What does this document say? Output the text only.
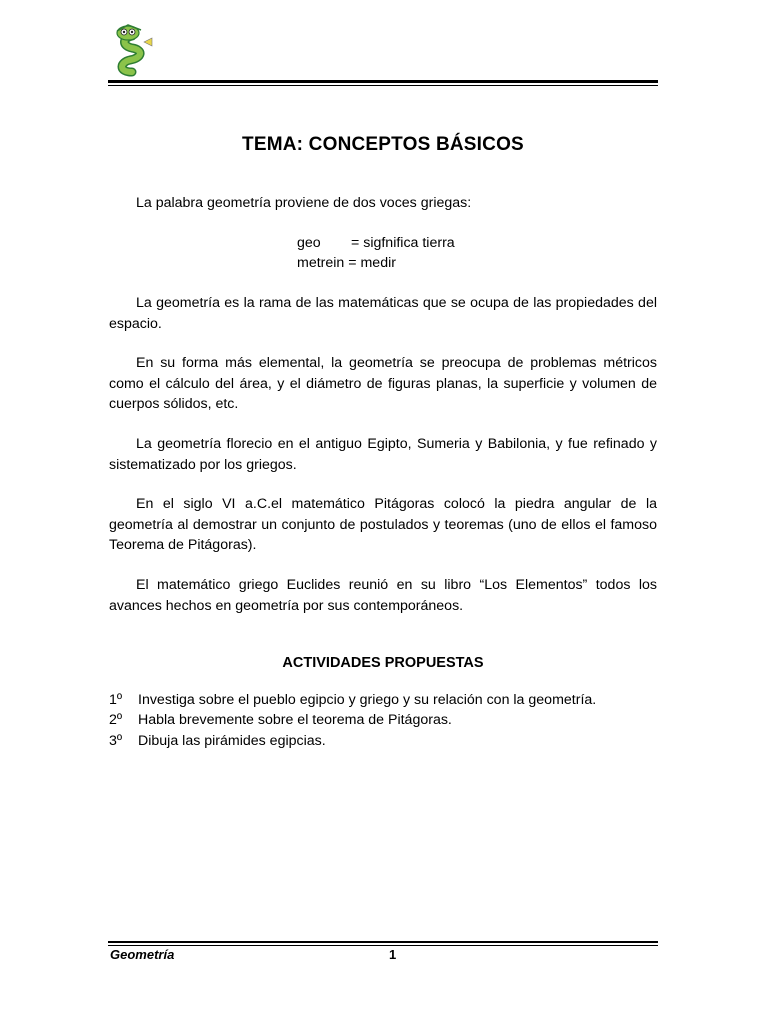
TEMA: CONCEPTOS BÁSICOS
La palabra geometría proviene de dos voces griegas:
geo = sigfnifica tierra
metrein = medir
La geometría es la rama de las matemáticas que se ocupa de las propiedades del espacio.
En su forma más elemental, la geometría se preocupa de problemas métricos como el cálculo del área, y el diámetro de figuras planas, la superficie y volumen de cuerpos sólidos, etc.
La geometría florecio en el antiguo Egipto, Sumeria y Babilonia, y fue refinado y sistematizado por los griegos.
En el siglo VI a.C.el matemático Pitágoras colocó la piedra angular de la geometría al demostrar un conjunto de postulados y teoremas (uno de ellos el famoso Teorema de Pitágoras).
El matemático griego Euclides reunió en su libro “Los Elementos” todos los avances hechos en geometría por sus contemporáneos.
ACTIVIDADES PROPUESTAS
1º Investiga sobre el pueblo egipcio y griego y su relación con la geometría.
2º Habla brevemente sobre el teorema de Pitágoras.
3º Dibuja las pirámides egipcias.
Geometría	1
